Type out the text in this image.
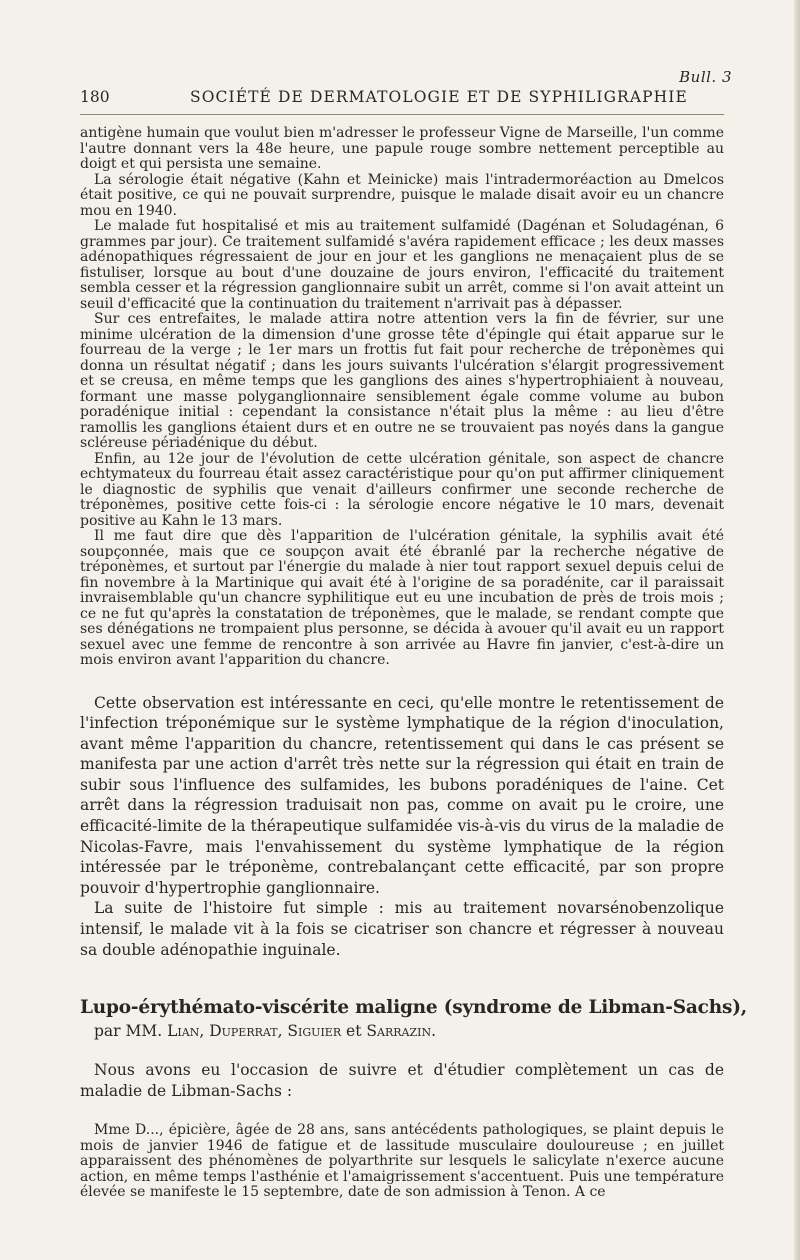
Bull. 3
180	SOCIÉTÉ DE DERMATOLOGIE ET DE SYPHILIGRAPHIE

antigène humain que voulut bien m'adresser le professeur Vigne de Marseille, l'un comme l'autre donnant vers la 48e heure, une papule rouge sombre nettement perceptible au doigt et qui persista une semaine.

La sérologie était négative (Kahn et Meinicke) mais l'intradermoréaction au Dmelcos était positive, ce qui ne pouvait surprendre, puisque le malade disait avoir eu un chancre mou en 1940.

Le malade fut hospitalisé et mis au traitement sulfamidé (Dagénan et Soludagénan, 6 grammes par jour). Ce traitement sulfamidé s'avéra rapidement efficace ; les deux masses adénopathiques régressaient de jour en jour et les ganglions ne menaçaient plus de se fistuliser, lorsque au bout d'une douzaine de jours environ, l'efficacité du traitement sembla cesser et la régression ganglionnaire subit un arrêt, comme si l'on avait atteint un seuil d'efficacité que la continuation du traitement n'arrivait pas à dépasser.

Sur ces entrefaites, le malade attira notre attention vers la fin de février, sur une minime ulcération de la dimension d'une grosse tête d'épingle qui était apparue sur le fourreau de la verge ; le 1er mars un frottis fut fait pour recherche de tréponèmes qui donna un résultat négatif ; dans les jours suivants l'ulcération s'élargit progressivement et se creusa, en même temps que les ganglions des aines s'hypertrophiaient à nouveau, formant une masse polyganglionnaire sensiblement égale comme volume au bubon poradénique initial : cependant la consistance n'était plus la même : au lieu d'être ramollis les ganglions étaient durs et en outre ne se trouvaient pas noyés dans la gangue scléreuse périadénique du début.

Enfin, au 12e jour de l'évolution de cette ulcération génitale, son aspect de chancre echtymateux du fourreau était assez caractéristique pour qu'on put affirmer cliniquement le diagnostic de syphilis que venait d'ailleurs confirmer une seconde recherche de tréponèmes, positive cette fois-ci : la sérologie encore négative le 10 mars, devenait positive au Kahn le 13 mars.

Il me faut dire que dès l'apparition de l'ulcération génitale, la syphilis avait été soupçonnée, mais que ce soupçon avait été ébranlé par la recherche négative de tréponèmes, et surtout par l'énergie du malade à nier tout rapport sexuel depuis celui de fin novembre à la Martinique qui avait été à l'origine de sa poradénite, car il paraissait invraisemblable qu'un chancre syphilitique eut eu une incubation de près de trois mois ; ce ne fut qu'après la constatation de tréponèmes, que le malade, se rendant compte que ses dénégations ne trompaient plus personne, se décida à avouer qu'il avait eu un rapport sexuel avec une femme de rencontre à son arrivée au Havre fin janvier, c'est-à-dire un mois environ avant l'apparition du chancre.

Cette observation est intéressante en ceci, qu'elle montre le retentissement de l'infection tréponémique sur le système lymphatique de la région d'inoculation, avant même l'apparition du chancre, retentissement qui dans le cas présent se manifesta par une action d'arrêt très nette sur la régression qui était en train de subir sous l'influence des sulfamides, les bubons poradéniques de l'aine. Cet arrêt dans la régression traduisait non pas, comme on avait pu le croire, une efficacité-limite de la thérapeutique sulfamidée vis-à-vis du virus de la maladie de Nicolas-Favre, mais l'envahissement du système lymphatique de la région intéressée par le tréponème, contrebalançant cette efficacité, par son propre pouvoir d'hypertrophie ganglionnaire.

La suite de l'histoire fut simple : mis au traitement novarsénobenzolique intensif, le malade vit à la fois se cicatriser son chancre et régresser à nouveau sa double adénopathie inguinale.

Lupo-érythémato-viscérite maligne (syndrome de Libman-Sachs),

par MM. Lian, Duperrat, Siguier et Sarrazin.

Nous avons eu l'occasion de suivre et d'étudier complètement un cas de maladie de Libman-Sachs :

Mme D..., épicière, âgée de 28 ans, sans antécédents pathologiques, se plaint depuis le mois de janvier 1946 de fatigue et de lassitude musculaire douloureuse ; en juillet apparaissent des phénomènes de polyarthrite sur lesquels le salicylate n'exerce aucune action, en même temps l'asthénie et l'amaigrissement s'accentuent. Puis une température élevée se manifeste le 15 septembre, date de son admission à Tenon. A ce
